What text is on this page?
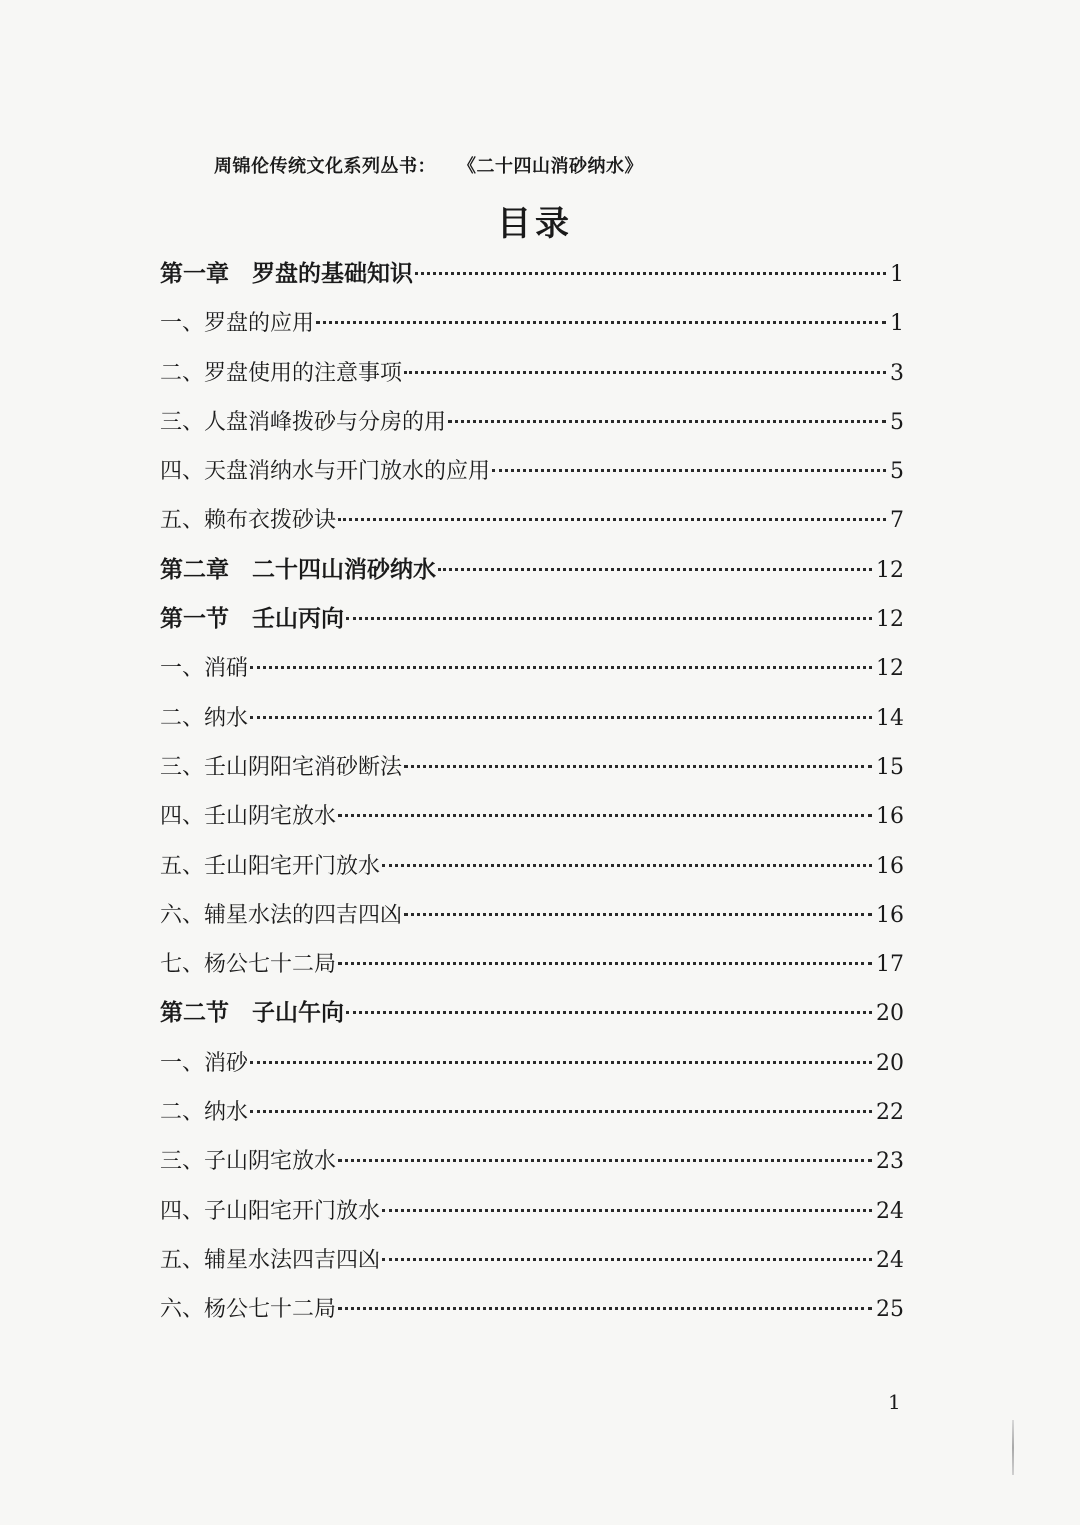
周锦伦传统文化系列丛书： 《二十四山消砂纳水》
目录
第一章　罗盘的基础知识	1
一、罗盘的应用	1
二、罗盘使用的注意事项	3
三、人盘消峰拨砂与分房的用	5
四、天盘消纳水与开门放水的应用	5
五、赖布衣拨砂诀	7
第二章　二十四山消砂纳水	12
第一节　壬山丙向	12
一、消硝	12
二、纳水	14
三、壬山阴阳宅消砂断法	15
四、壬山阴宅放水	16
五、壬山阳宅开门放水	16
六、辅星水法的四吉四凶	16
七、杨公七十二局	17
第二节　子山午向	20
一、消砂	20
二、纳水	22
三、子山阴宅放水	23
四、子山阳宅开门放水	24
五、辅星水法四吉四凶	24
六、杨公七十二局	25
1
